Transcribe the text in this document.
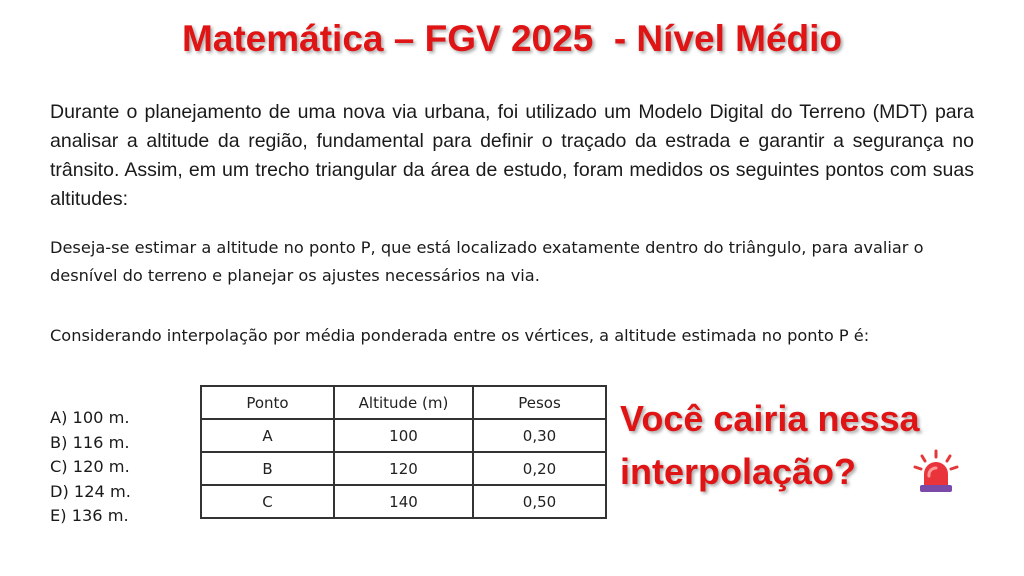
Matemática – FGV 2025  - Nível Médio
Durante o planejamento de uma nova via urbana, foi utilizado um Modelo Digital do Terreno (MDT) para analisar a altitude da região, fundamental para definir o traçado da estrada e garantir a segurança no trânsito. Assim, em um trecho triangular da área de estudo, foram medidos os seguintes pontos com suas altitudes:
Deseja-se estimar a altitude no ponto P, que está localizado exatamente dentro do triângulo, para avaliar o desnível do terreno e planejar os ajustes necessários na via.
Considerando interpolação por média ponderada entre os vértices, a altitude estimada no ponto P é:
A) 100 m.
B) 116 m.
C) 120 m.
D) 124 m.
E) 136 m.
Ponto	Altitude (m)	Pesos
A	100	0,30
B	120	0,20
C	140	0,50
Você cairia nessa
interpolação?
